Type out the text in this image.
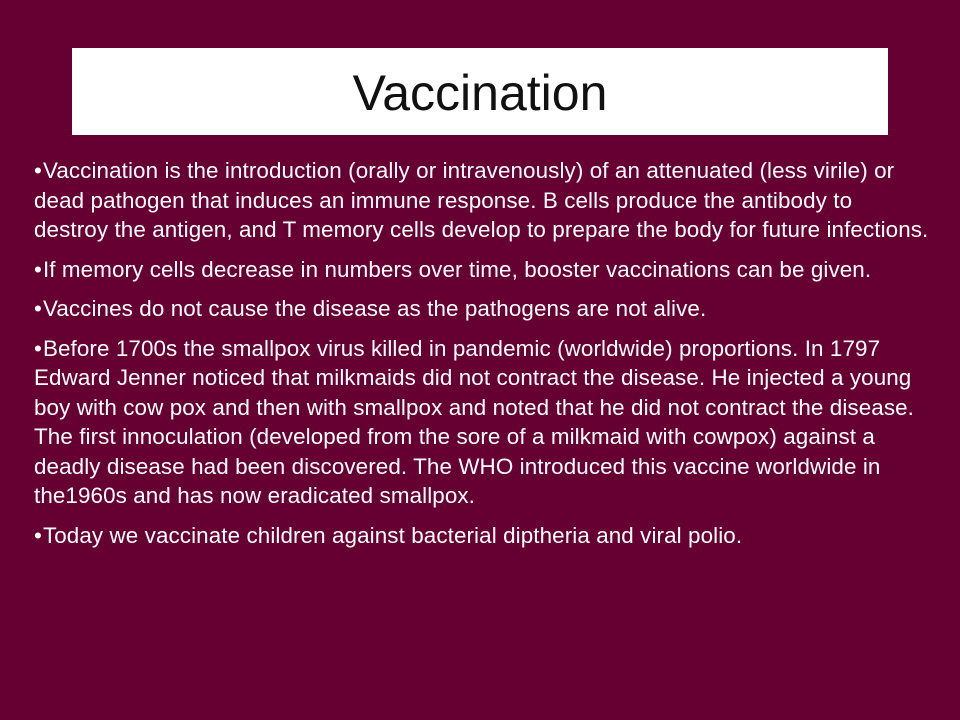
Vaccination

•Vaccination is the introduction (orally or intravenously) of an attenuated (less virile) or dead pathogen that induces an immune response. B cells produce the antibody to destroy the antigen, and T memory cells develop to prepare the body for future infections.

•If memory cells decrease in numbers over time, booster vaccinations can be given.

•Vaccines do not cause the disease as the pathogens are not alive.

•Before 1700s the smallpox virus killed in pandemic (worldwide) proportions. In 1797 Edward Jenner noticed that milkmaids did not contract the disease. He injected a young boy with cow pox and then with smallpox and noted that he did not contract the disease. The first innoculation (developed from the sore of a milkmaid with cowpox) against a deadly disease had been discovered. The WHO introduced this vaccine worldwide in the1960s and has now eradicated smallpox.

•Today we vaccinate children against bacterial diptheria and viral polio.
